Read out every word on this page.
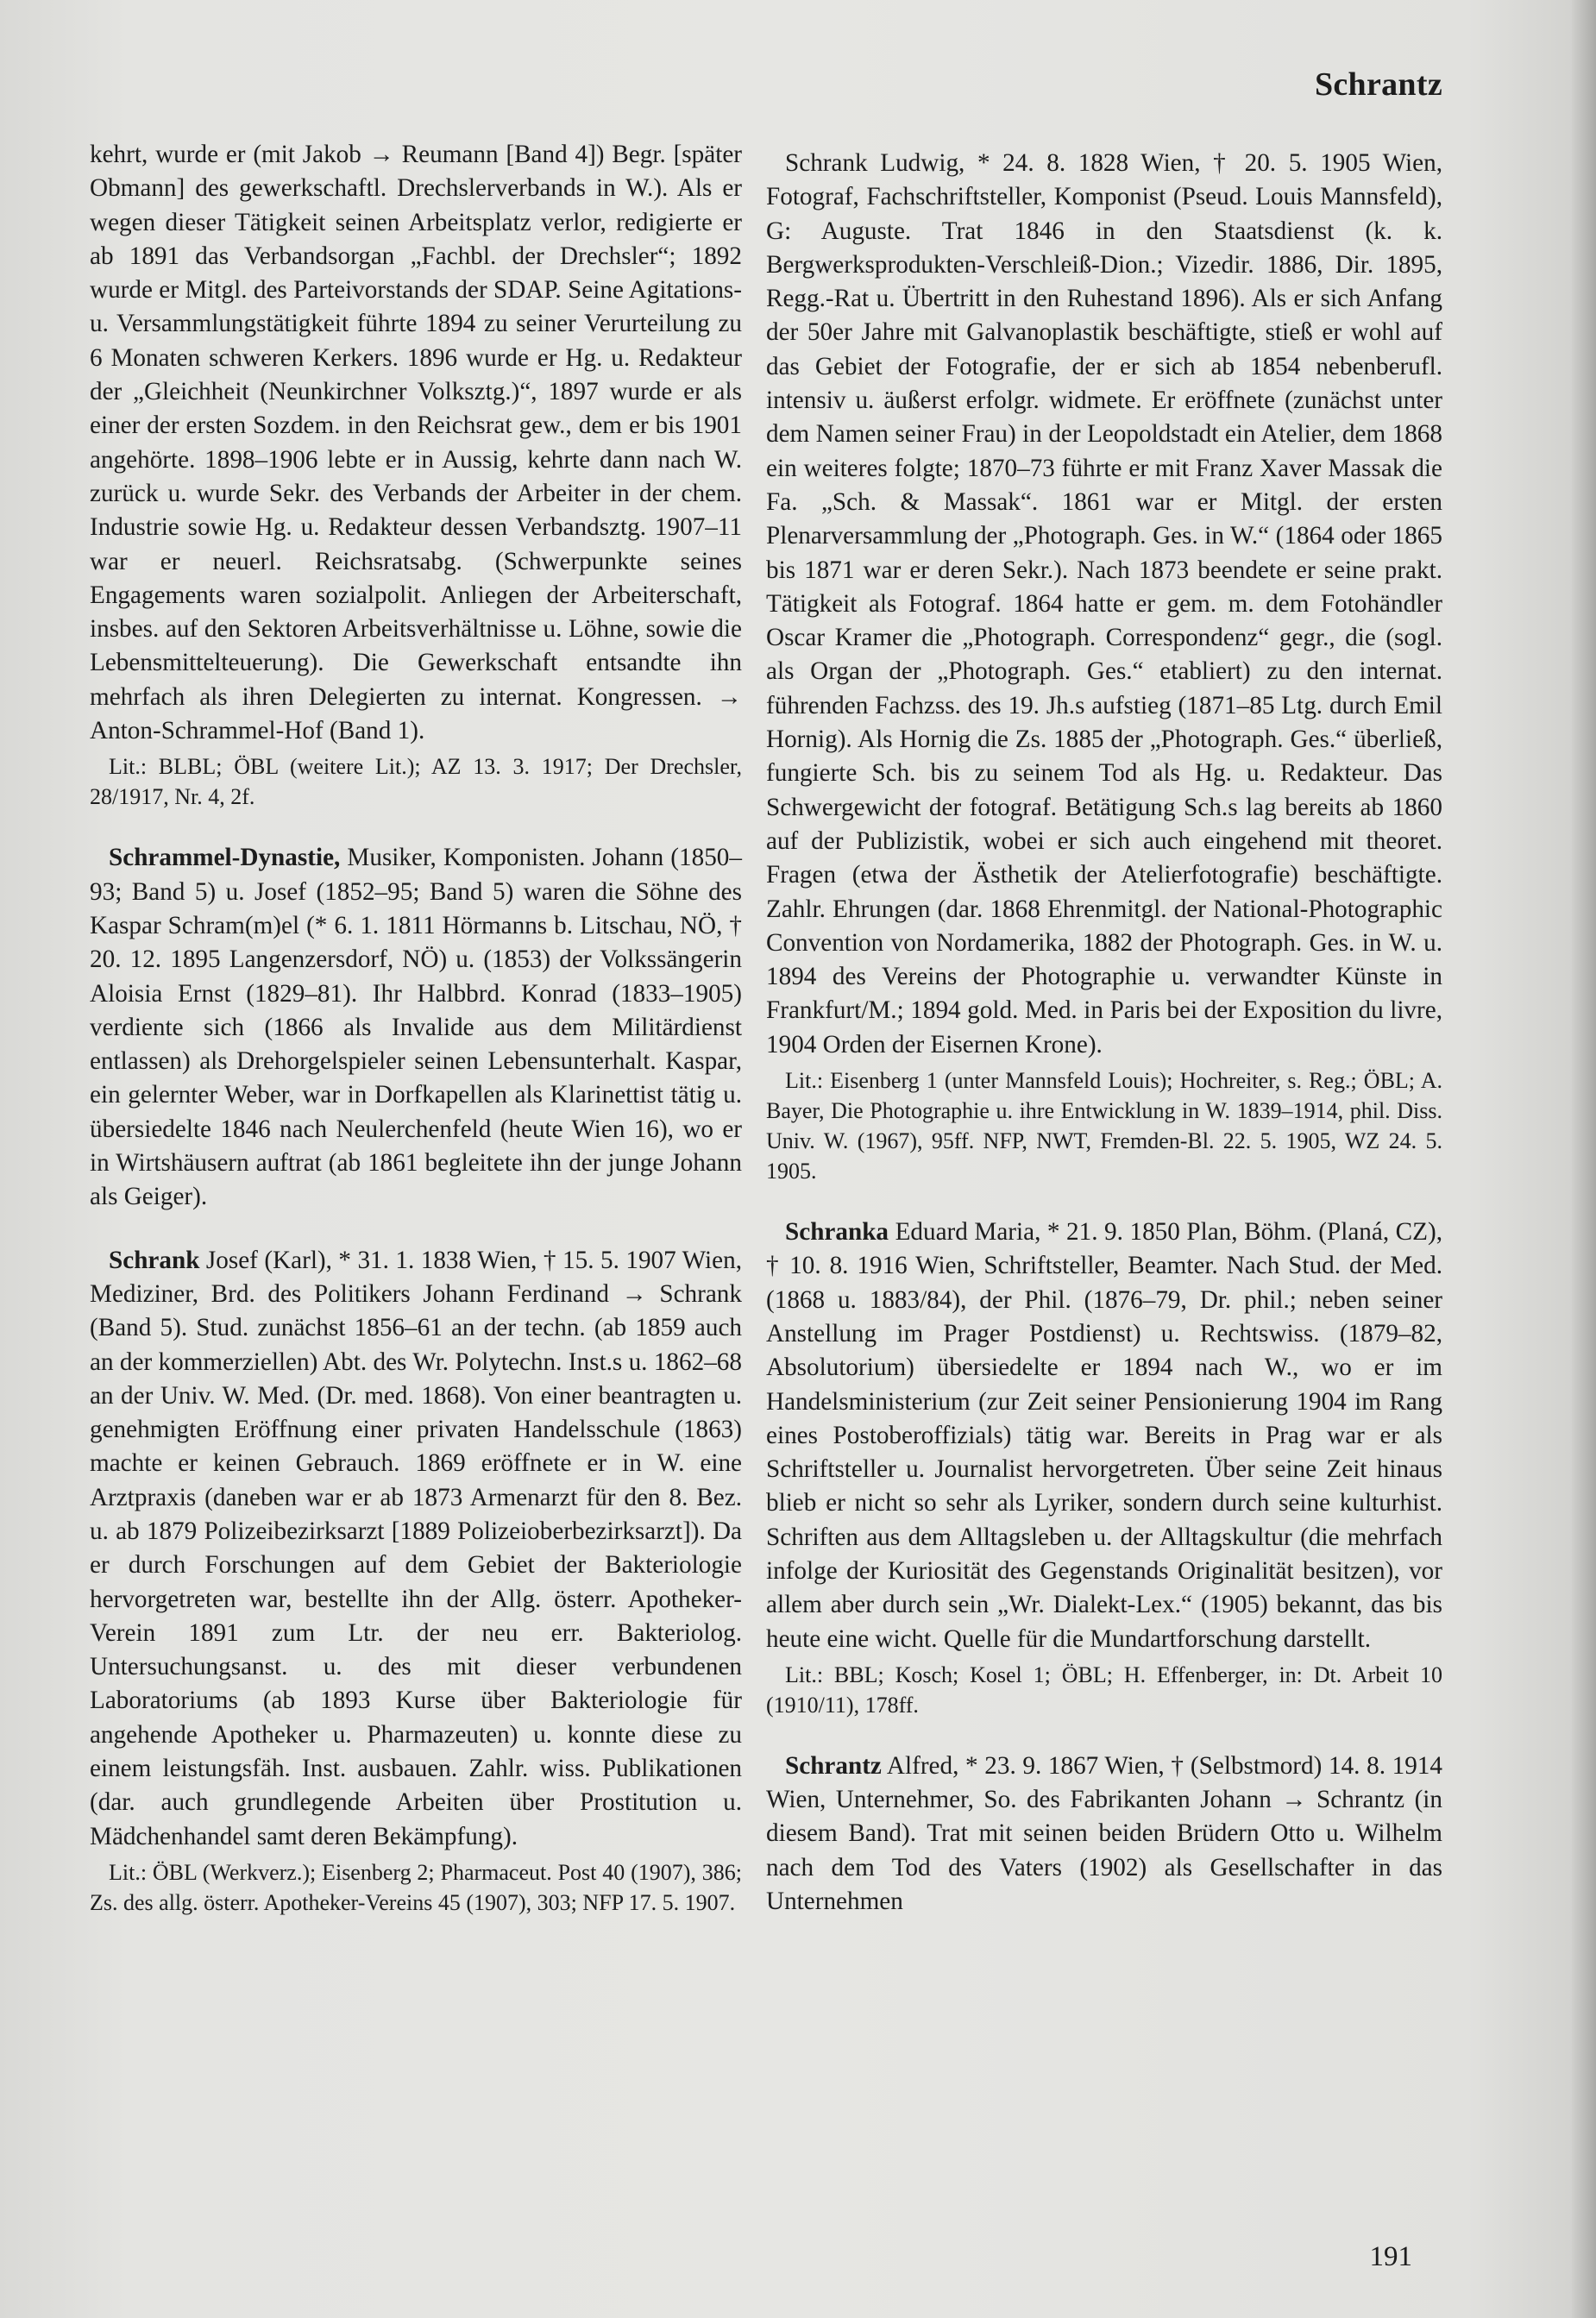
Schrantz

kehrt, wurde er (mit Jakob → Reumann [Band 4]) Begr. [später Obmann] des gewerkschaftl. Drechslerverbands in W.). Als er wegen dieser Tätigkeit seinen Arbeitsplatz verlor, redigierte er ab 1891 das Verbandsorgan „Fachbl. der Drechsler“; 1892 wurde er Mitgl. des Parteivorstands der SDAP. Seine Agitations- u. Versammlungstätigkeit führte 1894 zu seiner Verurteilung zu 6 Monaten schweren Kerkers. 1896 wurde er Hg. u. Redakteur der „Gleichheit (Neunkirchner Volksztg.)“, 1897 wurde er als einer der ersten Sozdem. in den Reichsrat gew., dem er bis 1901 angehörte. 1898–1906 lebte er in Aussig, kehrte dann nach W. zurück u. wurde Sekr. des Verbands der Arbeiter in der chem. Industrie sowie Hg. u. Redakteur dessen Verbandsztg. 1907–11 war er neuerl. Reichsratsabg. (Schwerpunkte seines Engagements waren sozialpolit. Anliegen der Arbeiterschaft, insbes. auf den Sektoren Arbeitsverhältnisse u. Löhne, sowie die Lebensmittelteuerung). Die Gewerkschaft entsandte ihn mehrfach als ihren Delegierten zu internat. Kongressen. → Anton-Schrammel-Hof (Band 1).

Lit.: BLBL; ÖBL (weitere Lit.); AZ 13. 3. 1917; Der Drechsler, 28/1917, Nr. 4, 2f.

Schrammel-Dynastie, Musiker, Komponisten. Johann (1850–93; Band 5) u. Josef (1852–95; Band 5) waren die Söhne des Kaspar Schram(m)el (* 6. 1. 1811 Hörmanns b. Litschau, NÖ, † 20. 12. 1895 Langenzersdorf, NÖ) u. (1853) der Volkssängerin Aloisia Ernst (1829–81). Ihr Halbbrd. Konrad (1833–1905) verdiente sich (1866 als Invalide aus dem Militärdienst entlassen) als Drehorgelspieler seinen Lebensunterhalt. Kaspar, ein gelernter Weber, war in Dorfkapellen als Klarinettist tätig u. übersiedelte 1846 nach Neulerchenfeld (heute Wien 16), wo er in Wirtshäusern auftrat (ab 1861 begleitete ihn der junge Johann als Geiger).

Schrank Josef (Karl), * 31. 1. 1838 Wien, † 15. 5. 1907 Wien, Mediziner, Brd. des Politikers Johann Ferdinand → Schrank (Band 5). Stud. zunächst 1856–61 an der techn. (ab 1859 auch an der kommerziellen) Abt. des Wr. Polytechn. Inst.s u. 1862–68 an der Univ. W. Med. (Dr. med. 1868). Von einer beantragten u. genehmigten Eröffnung einer privaten Handelsschule (1863) machte er keinen Gebrauch. 1869 eröffnete er in W. eine Arztpraxis (daneben war er ab 1873 Armenarzt für den 8. Bez. u. ab 1879 Polizeibezirksarzt [1889 Polizeioberbezirksarzt]). Da er durch Forschungen auf dem Gebiet der Bakteriologie hervorgetreten war, bestellte ihn der Allg. österr. Apotheker-Verein 1891 zum Ltr. der neu err. Bakteriolog. Untersuchungsanst. u. des mit dieser verbundenen Laboratoriums (ab 1893 Kurse über Bakteriologie für angehende Apotheker u. Pharmazeuten) u. konnte diese zu einem leistungsfäh. Inst. ausbauen. Zahlr. wiss. Publikationen (dar. auch grundlegende Arbeiten über Prostitution u. Mädchenhandel samt deren Bekämpfung).

Lit.: ÖBL (Werkverz.); Eisenberg 2; Pharmaceut. Post 40 (1907), 386; Zs. des allg. österr. Apotheker-Vereins 45 (1907), 303; NFP 17. 5. 1907.

Schrank Ludwig, * 24. 8. 1828 Wien, † 20. 5. 1905 Wien, Fotograf, Fachschriftsteller, Komponist (Pseud. Louis Mannsfeld), G: Auguste. Trat 1846 in den Staatsdienst (k. k. Bergwerksprodukten-Verschleiß-Dion.; Vizedir. 1886, Dir. 1895, Regg.-Rat u. Übertritt in den Ruhestand 1896). Als er sich Anfang der 50er Jahre mit Galvanoplastik beschäftigte, stieß er wohl auf das Gebiet der Fotografie, der er sich ab 1854 nebenberufl. intensiv u. äußerst erfolgr. widmete. Er eröffnete (zunächst unter dem Namen seiner Frau) in der Leopoldstadt ein Atelier, dem 1868 ein weiteres folgte; 1870–73 führte er mit Franz Xaver Massak die Fa. „Sch. & Massak“. 1861 war er Mitgl. der ersten Plenarversammlung der „Photograph. Ges. in W.“ (1864 oder 1865 bis 1871 war er deren Sekr.). Nach 1873 beendete er seine prakt. Tätigkeit als Fotograf. 1864 hatte er gem. m. dem Fotohändler Oscar Kramer die „Photograph. Correspondenz“ gegr., die (sogl. als Organ der „Photograph. Ges.“ etabliert) zu den internat. führenden Fachzss. des 19. Jh.s aufstieg (1871–85 Ltg. durch Emil Hornig). Als Hornig die Zs. 1885 der „Photograph. Ges.“ überließ, fungierte Sch. bis zu seinem Tod als Hg. u. Redakteur. Das Schwergewicht der fotograf. Betätigung Sch.s lag bereits ab 1860 auf der Publizistik, wobei er sich auch eingehend mit theoret. Fragen (etwa der Ästhetik der Atelierfotografie) beschäftigte. Zahlr. Ehrungen (dar. 1868 Ehrenmitgl. der National-Photographic Convention von Nordamerika, 1882 der Photograph. Ges. in W. u. 1894 des Vereins der Photographie u. verwandter Künste in Frankfurt/M.; 1894 gold. Med. in Paris bei der Exposition du livre, 1904 Orden der Eisernen Krone).

Lit.: Eisenberg 1 (unter Mannsfeld Louis); Hochreiter, s. Reg.; ÖBL; A. Bayer, Die Photographie u. ihre Entwicklung in W. 1839–1914, phil. Diss. Univ. W. (1967), 95ff. NFP, NWT, Fremden-Bl. 22. 5. 1905, WZ 24. 5. 1905.

Schranka Eduard Maria, * 21. 9. 1850 Plan, Böhm. (Planá, CZ), † 10. 8. 1916 Wien, Schriftsteller, Beamter. Nach Stud. der Med. (1868 u. 1883/84), der Phil. (1876–79, Dr. phil.; neben seiner Anstellung im Prager Postdienst) u. Rechtswiss. (1879–82, Absolutorium) übersiedelte er 1894 nach W., wo er im Handelsministerium (zur Zeit seiner Pensionierung 1904 im Rang eines Postoberoffizials) tätig war. Bereits in Prag war er als Schriftsteller u. Journalist hervorgetreten. Über seine Zeit hinaus blieb er nicht so sehr als Lyriker, sondern durch seine kulturhist. Schriften aus dem Alltagsleben u. der Alltagskultur (die mehrfach infolge der Kuriosität des Gegenstands Originalität besitzen), vor allem aber durch sein „Wr. Dialekt-Lex.“ (1905) bekannt, das bis heute eine wicht. Quelle für die Mundartforschung darstellt.

Lit.: BBL; Kosch; Kosel 1; ÖBL; H. Effenberger, in: Dt. Arbeit 10 (1910/11), 178ff.

Schrantz Alfred, * 23. 9. 1867 Wien, † (Selbstmord) 14. 8. 1914 Wien, Unternehmer, So. des Fabrikanten Johann → Schrantz (in diesem Band). Trat mit seinen beiden Brüdern Otto u. Wilhelm nach dem Tod des Vaters (1902) als Gesellschafter in das Unternehmen

191
